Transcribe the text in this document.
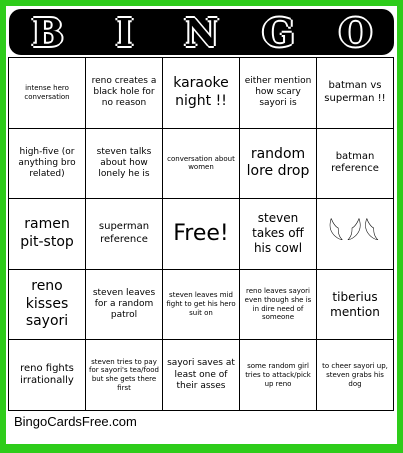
B I N G O
intense hero conversation
reno creates a black hole for no reason
karaoke night !!
either mention how scary sayori is
batman vs superman !!
high-five (or anything bro related)
steven talks about how lonely he is
conversation about women
random lore drop
batman reference
ramen pit-stop
superman reference	Free!
steven takes off his cowl 𓆩𓆪𓆩
reno kisses sayori
steven leaves for a random patrol
steven leaves mid fight to get his hero suit on
reno leaves sayori even though she is in dire need of someone
tiberius mention
reno fights irrationally
steven tries to pay for sayori's tea/food but she gets there first
sayori saves at least one of their asses
some random girl tries to attack/pick up reno
to cheer sayori up, steven grabs his dog
BingoCardsFree.com
